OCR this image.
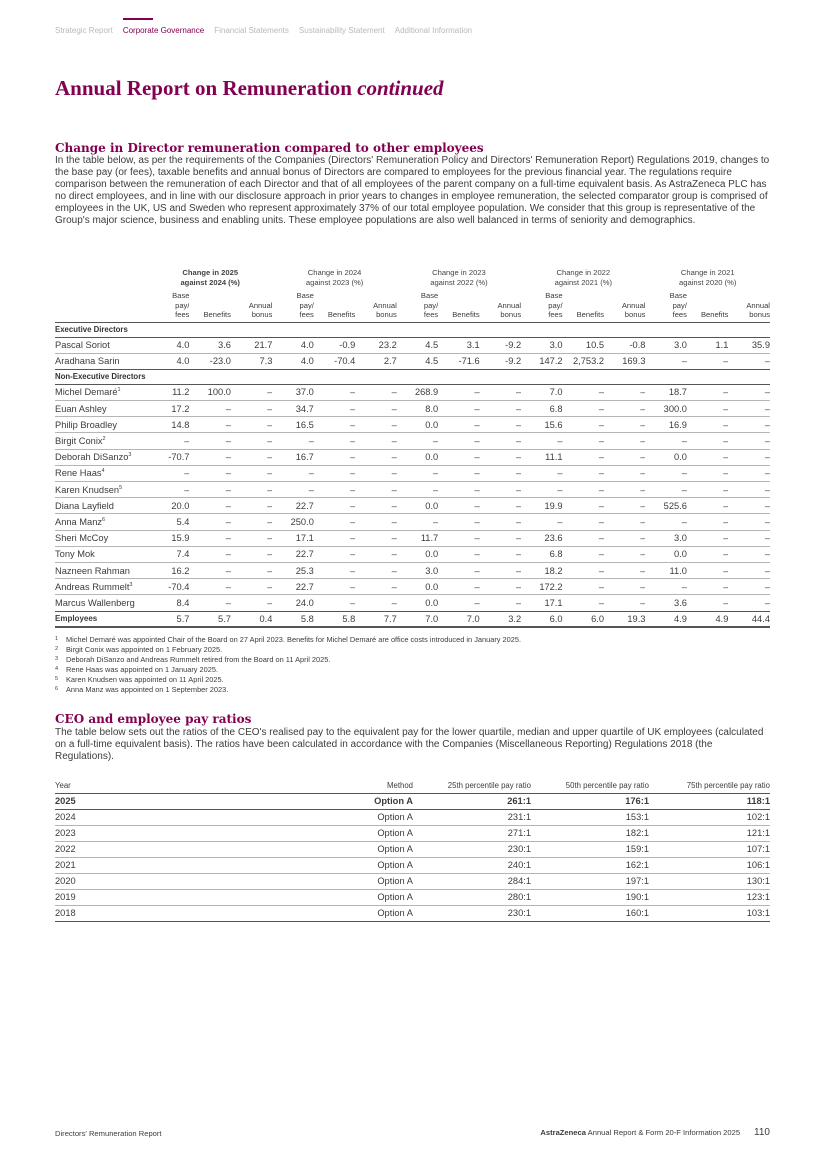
Strategic Report Corporate Governance Financial Statements Sustainability Statement Additional Information
Annual Report on Remuneration continued
Change in Director remuneration compared to other employees

In the table below, as per the requirements of the Companies (Directors' Remuneration Policy and Directors' Remuneration Report) Regulations 2019, changes to the base pay (or fees), taxable benefits and annual bonus of Directors are compared to employees for the previous financial year. The regulations require comparison between the remuneration of each Director and that of all employees of the parent company on a full-time equivalent basis. As AstraZeneca PLC has no direct employees, and in line with our disclosure approach in prior years to changes in employee remuneration, the selected comparator group is comprised of employees in the UK, US and Sweden who represent approximately 37% of our total employee population. We consider that this group is representative of the Group's major science, business and enabling units. These employee populations are also well balanced in terms of seniority and demographics.

	Change in 2025
against 2024 (%)			Change in 2024
against 2023 (%)			Change in 2023
against 2022 (%)			Change in 2022
against 2021 (%)			Change in 2021
against 2020 (%)		

	Base
pay/
fees	Benefits	Annual
bonus	Base
pay/
fees	Benefits	Annual
bonus	Base
pay/
fees	Benefits	Annual
bonus	Base
pay/
fees	Benefits	Annual
bonus	Base
pay/
fees	Benefits	Annual
bonus

Executive Directors															
Pascal Soriot	4.0	3.6	21.7	4.0	-0.9	23.2	4.5	3.1	-9.2	3.0	10.5	-0.8	3.0	1.1	35.9
Aradhana Sarin	4.0	-23.0	7.3	4.0	-70.4	2.7	4.5	-71.6	-9.2	147.2	2,753.2	169.3	–	–	–
Non-Executive Directors															
Michel Demaré$^1$	11.2	100.0	–	37.0	–	–	268.9	–	–	7.0	–	–	18.7	–	–
Euan Ashley	17.2	–	–	34.7	–	–	8.0	–	–	6.8	–	–	300.0	–	–
Philip Broadley	14.8	–	–	16.5	–	–	0.0	–	–	15.6	–	–	16.9	–	–
Birgit Conix$^2$	–	–	–	–	–	–	–	–	–	–	–	–	–	–	–
Deborah DiSanzo$^3$	-70.7	–	–	16.7	–	–	0.0	–	–	11.1	–	–	0.0	–	–
Rene Haas$^4$	–	–	–	–	–	–	–	–	–	–	–	–	–	–	–
Karen Knudsen$^5$	–	–	–	–	–	–	–	–	–	–	–	–	–	–	–
Diana Layfield	20.0	–	–	22.7	–	–	0.0	–	–	19.9	–	–	525.6	–	–
Anna Manz$^6$	5.4	–	–	250.0	–	–	–	–	–	–	–	–	–	–	–
Sheri McCoy	15.9	–	–	17.1	–	–	11.7	–	–	23.6	–	–	3.0	–	–
Tony Mok	7.4	–	–	22.7	–	–	0.0	–	–	6.8	–	–	0.0	–	–
Nazneen Rahman	16.2	–	–	25.3	–	–	3.0	–	–	18.2	–	–	11.0	–	–
Andreas Rummelt$^3$	-70.4	–	–	22.7	–	–	0.0	–	–	172.2	–	–	–	–	–
Marcus Wallenberg	8.4	–	–	24.0	–	–	0.0	–	–	17.1	–	–	3.6	–	–
Employees	5.7	5.7	0.4	5.8	5.8	7.7	7.0	7.0	3.2	6.0	6.0	19.3	4.9	4.9	44.4
1	Michel Demaré was appointed Chair of the Board on 27 April 2023. Benefits for Michel Demaré are office costs introduced in January 2025.
2	Birgit Conix was appointed on 1 February 2025.
3	Deborah DiSanzo and Andreas Rummelt retired from the Board on 11 April 2025.
4	Rene Haas was appointed on 1 January 2025.
5	Karen Knudsen was appointed on 11 April 2025.
6	Anna Manz was appointed on 1 September 2023.
CEO and employee pay ratios

The table below sets out the ratios of the CEO's realised pay to the equivalent pay for the lower quartile, median and upper quartile of UK employees (calculated on a full-time equivalent basis). The ratios have been calculated in accordance with the Companies (Miscellaneous Reporting) Regulations 2018 (the Regulations).

Year	Method	25th percentile pay ratio	50th percentile pay ratio	75th percentile pay ratio
2025	Option A	261:1	176:1	118:1
2024	Option A	231:1	153:1	102:1
2023	Option A	271:1	182:1	121:1
2022	Option A	230:1	159:1	107:1
2021	Option A	240:1	162:1	106:1
2020	Option A	284:1	197:1	130:1
2019	Option A	280:1	190:1	123:1
2018	Option A	230:1	160:1	103:1
Directors' Remuneration Report	AstraZeneca Annual Report & Form 20-F Information 2025 110
